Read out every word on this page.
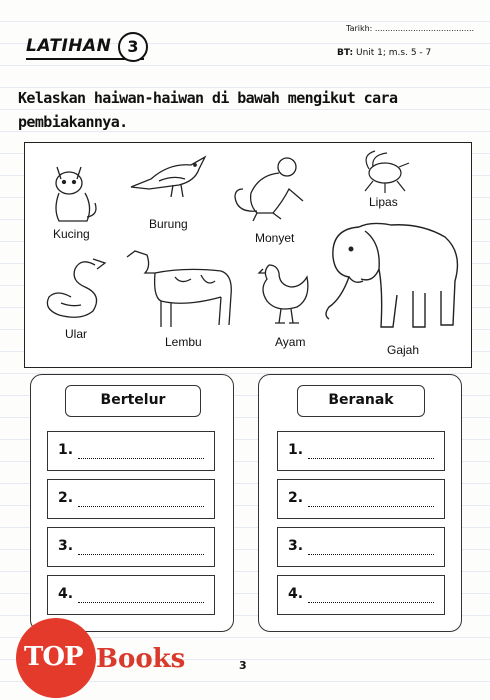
LATIHAN	3
Tarikh: .......................................
BT: Unit 1; m.s. 5 - 7
Kelaskan haiwan-haiwan di bawah mengikut cara pembiakannya.
Kucing
Burung
Monyet
Lipas
Ular
Lembu	Ayam
Gajah
Bertelur
1.
2.
3.
4.
Beranak
1.
2.
3.
4.
TOP Books	3
